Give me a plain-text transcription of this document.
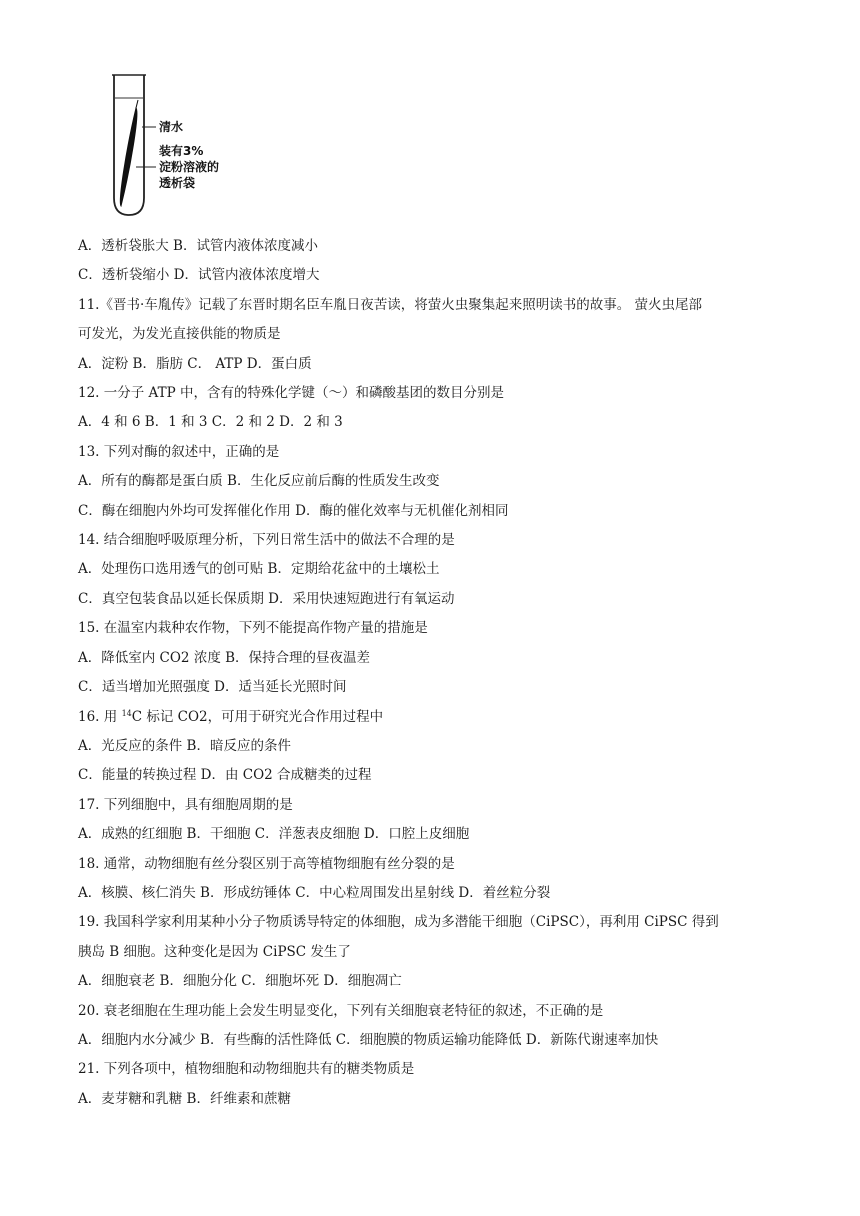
清水
装有3%
淀粉溶液的
透析袋
A．透析袋胀大 B．试管内液体浓度减小
C．透析袋缩小 D．试管内液体浓度增大
11.《晋书·车胤传》记载了东晋时期名臣车胤日夜苦读，将萤火虫聚集起来照明读书的故事。 萤火虫尾部
可发光，为发光直接供能的物质是
A．淀粉 B．脂肪 C． ATP D．蛋白质
12. 一分子 ATP 中，含有的特殊化学键（～）和磷酸基团的数目分别是
A．4 和 6 B．1 和 3 C．2 和 2 D．2 和 3
13. 下列对酶的叙述中，正确的是
A．所有的酶都是蛋白质 B．生化反应前后酶的性质发生改变
C．酶在细胞内外均可发挥催化作用 D．酶的催化效率与无机催化剂相同
14. 结合细胞呼吸原理分析，下列日常生活中的做法不合理的是
A．处理伤口选用透气的创可贴 B．定期给花盆中的土壤松土
C．真空包装食品以延长保质期 D．采用快速短跑进行有氧运动
15. 在温室内栽种农作物，下列不能提高作物产量的措施是
A．降低室内 CO2 浓度 B．保持合理的昼夜温差
C．适当增加光照强度 D．适当延长光照时间
16. 用 $^{14}$C 标记 CO2，可用于研究光合作用过程中
A．光反应的条件 B．暗反应的条件
C．能量的转换过程 D．由 CO2 合成糖类的过程
17. 下列细胞中，具有细胞周期的是
A．成熟的红细胞 B．干细胞 C．洋葱表皮细胞 D．口腔上皮细胞
18. 通常，动物细胞有丝分裂区别于高等植物细胞有丝分裂的是
A．核膜、核仁消失 B．形成纺锤体 C．中心粒周围发出星射线 D．着丝粒分裂
19. 我国科学家利用某种小分子物质诱导特定的体细胞，成为多潜能干细胞（CiPSC），再利用 CiPSC 得到
胰岛 B 细胞。这种变化是因为 CiPSC 发生了
A．细胞衰老 B．细胞分化 C．细胞坏死 D．细胞凋亡
20. 衰老细胞在生理功能上会发生明显变化，下列有关细胞衰老特征的叙述，不正确的是
A．细胞内水分减少 B．有些酶的活性降低 C．细胞膜的物质运输功能降低 D．新陈代谢速率加快
21. 下列各项中，植物细胞和动物细胞共有的糖类物质是
A．麦芽糖和乳糖 B．纤维素和蔗糖
